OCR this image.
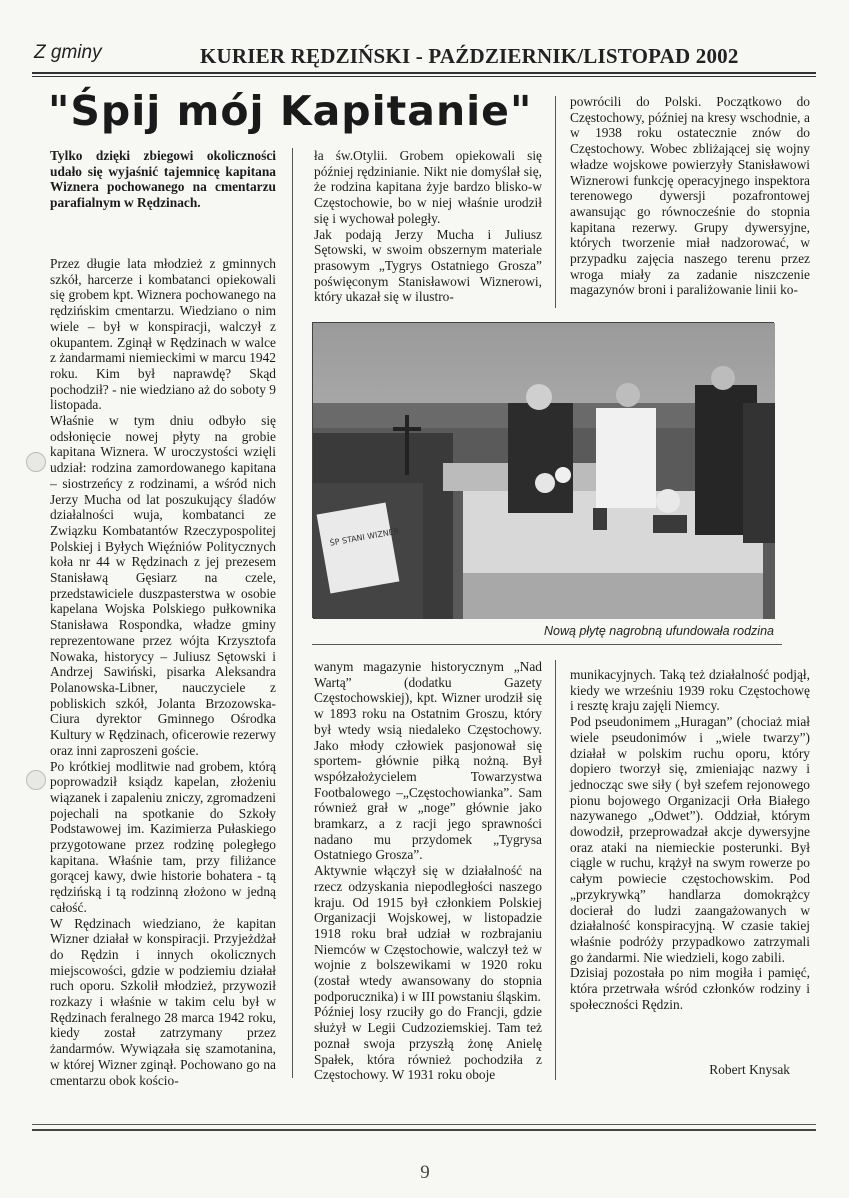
Z gminy	KURIER RĘDZIŃSKI - PAŹDZIERNIK/LISTOPAD 2002
"Śpij mój Kapitanie"
Tylko dzięki zbiegowi okoliczności udało się wyjaśnić tajemnicę kapitana Wiznera pochowanego na cmentarzu parafialnym w Rędzinach.
Przez długie lata młodzież z gminnych szkół, harcerze i kombatanci opiekowali się grobem kpt. Wiznera pochowanego na rędzińskim cmentarzu. Wiedziano o nim wiele – był w konspiracji, walczył z okupantem. Zginął w Rędzinach w walce z żandarmami niemieckimi w marcu 1942 roku. Kim był naprawdę? Skąd pochodził? - nie wiedziano aż do soboty 9 listopada.
Właśnie w tym dniu odbyło się odsłonięcie nowej płyty na grobie kapitana Wiznera. W uroczystości wzięli udział: rodzina zamordowanego kapitana – siostrzeńcy z rodzinami, a wśród nich Jerzy Mucha od lat poszukujący śladów działalności wuja, kombatanci ze Związku Kombatantów Rzeczypospolitej Polskiej i Byłych Więźniów Politycznych koła nr 44 w Rędzinach z jej prezesem Stanisławą Gęsiarz na czele, przedstawiciele duszpasterstwa w osobie kapelana Wojska Polskiego pułkownika Stanisława Rospondka, władze gminy reprezentowane przez wójta Krzysztofa Nowaka, historycy – Juliusz Sętowski i Andrzej Sawiński, pisarka Aleksandra Polanowska-Libner, nauczyciele z pobliskich szkół, Jolanta Brzozowska-Ciura dyrektor Gminnego Ośrodka Kultury w Rędzinach, oficerowie rezerwy oraz inni zaproszeni goście.
Po krótkiej modlitwie nad grobem, którą poprowadził ksiądz kapelan, złożeniu wiązanek i zapaleniu zniczy, zgromadzeni pojechali na spotkanie do Szkoły Podstawowej im. Kazimierza Pułaskiego przygotowane przez rodzinę poległego kapitana. Właśnie tam, przy filiżance gorącej kawy, dwie historie bohatera - tą rędzińską i tą rodzinną złożono w jedną całość.
W Rędzinach wiedziano, że kapitan Wizner działał w konspiracji. Przyjeżdżał do Rędzin i innych okolicznych miejscowości, gdzie w podziemiu działał ruch oporu. Szkolił młodzież, przywoził rozkazy i właśnie w takim celu był w Rędzinach feralnego 28 marca 1942 roku, kiedy został zatrzymany przez żandarmów. Wywiązała się szamotanina, w której Wizner zginął. Pochowano go na cmentarzu obok kościo-
ła św.Otylii. Grobem opiekowali się później rędzinianie. Nikt nie domyślał się, że rodzina kapitana żyje bardzo blisko-w Częstochowie, bo w niej właśnie urodził się i wychował poległy.
Jak podają Jerzy Mucha i Juliusz Sętowski, w swoim obszernym materiale prasowym „Tygrys Ostatniego Grosza” poświęconym Stanisławowi Wiznerowi, który ukazał się w ilustro-
powrócili do Polski. Początkowo do Częstochowy, później na kresy wschodnie, a w 1938 roku ostatecznie znów do Częstochowy. Wobec zbliżającej się wojny władze wojskowe powierzyły Stanisławowi Wiznerowi funkcję operacyjnego inspektora terenowego dywersji pozafrontowej awansując go równocześnie do stopnia kapitana rezerwy. Grupy dywersyjne, których tworzenie miał nadzorować, w przypadku zajęcia naszego terenu przez wroga miały za zadanie niszczenie magazynów broni i paraliżowanie linii ko-
ŚP STANI WIZNER
Nową płytę nagrobną ufundowała rodzina
wanym magazynie historycznym „Nad Wartą” (dodatku Gazety Częstochowskiej), kpt. Wizner urodził się w 1893 roku na Ostatnim Groszu, który był wtedy wsią niedaleko Częstochowy. Jako młody człowiek pasjonował się sportem- głównie piłką nożną. Był współzałożycielem Towarzystwa Footbalowego –„Częstochowianka”. Sam również grał w „noge” głównie jako bramkarz, a z racji jego sprawności nadano mu przydomek „Tygrysa Ostatniego Grosza”.
Aktywnie włączył się w działalność na rzecz odzyskania niepodległości naszego kraju. Od 1915 był członkiem Polskiej Organizacji Wojskowej, w listopadzie 1918 roku brał udział w rozbrajaniu Niemców w Częstochowie, walczył też w wojnie z bolszewikami w 1920 roku (został wtedy awansowany do stopnia podporucznika) i w III powstaniu śląskim.
Później losy rzuciły go do Francji, gdzie służył w Legii Cudzoziemskiej. Tam też poznał swoja przyszłą żonę Anielę Spałek, która również pochodziła z Częstochowy. W 1931 roku oboje
munikacyjnych. Taką też działalność podjął, kiedy we wrześniu 1939 roku Częstochowę i resztę kraju zajęli Niemcy.
Pod pseudonimem „Huragan” (chociaż miał wiele pseudonimów i „wiele twarzy”) działał w polskim ruchu oporu, który dopiero tworzył się, zmieniając nazwy i jednocząc swe siły ( był szefem rejonowego pionu bojowego Organizacji Orła Białego nazywanego „Odwet”). Oddział, którym dowodził, przeprowadzał akcje dywersyjne oraz ataki na niemieckie posterunki. Był ciągle w ruchu, krążył na swym rowerze po całym powiecie częstochowskim. Pod „przykrywką” handlarza domokrążcy docierał do ludzi zaangażowanych w działalność konspiracyjną. W czasie takiej właśnie podróży przypadkowo zatrzymali go żandarmi. Nie wiedzieli, kogo zabili.
Dzisiaj pozostała po nim mogiła i pamięć, która przetrwała wśród członków rodziny i społeczności Rędzin.
Robert Knysak
9
